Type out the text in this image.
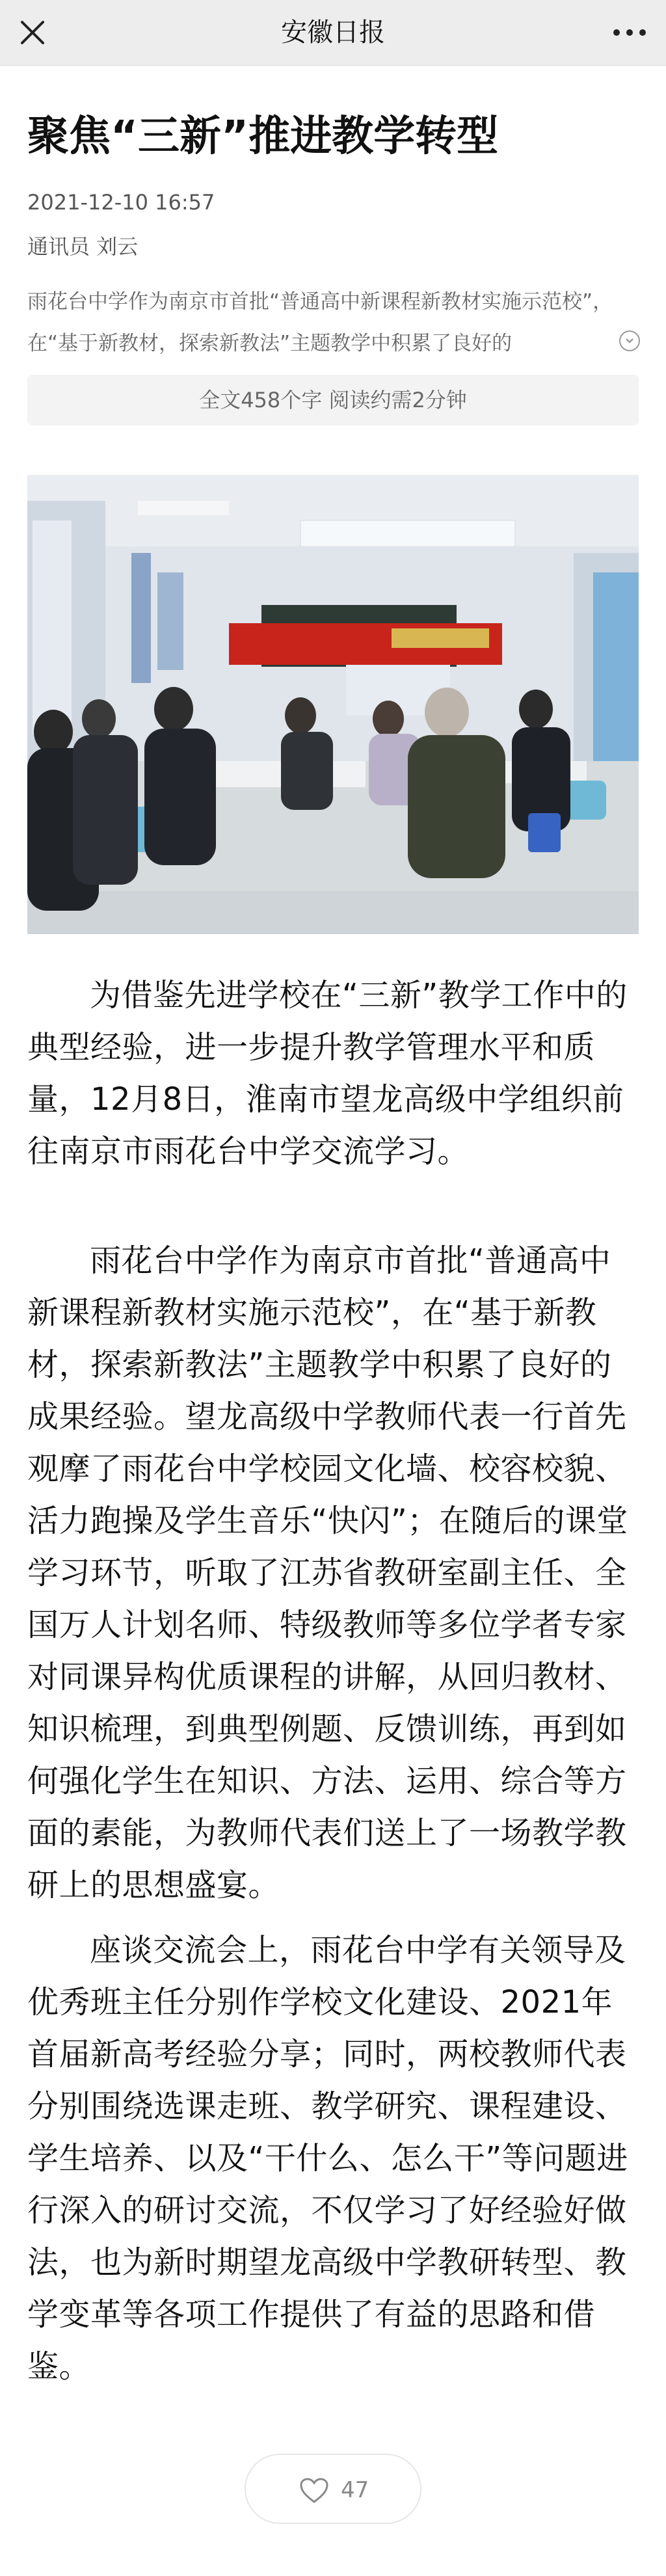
安徽日报
聚焦“三新”推进教学转型
2021-12-10 16:57
通讯员 刘云
雨花台中学作为南京市首批“普通高中新课程新教材实施示范校”，在“基于新教材，探索新教法”主题教学中积累了良好的
全文458个字 阅读约需2分钟
为借鉴先进学校在“三新”教学工作中的典型经验，进一步提升教学管理水平和质量，12月8日，淮南市望龙高级中学组织前往南京市雨花台中学交流学习。
雨花台中学作为南京市首批“普通高中新课程新教材实施示范校”，在“基于新教材，探索新教法”主题教学中积累了良好的成果经验。望龙高级中学教师代表一行首先观摩了雨花台中学校园文化墙、校容校貌、活力跑操及学生音乐“快闪”；在随后的课堂学习环节，听取了江苏省教研室副主任、全国万人计划名师、特级教师等多位学者专家对同课异构优质课程的讲解，从回归教材、知识梳理，到典型例题、反馈训练，再到如何强化学生在知识、方法、运用、综合等方面的素能，为教师代表们送上了一场教学教研上的思想盛宴。
座谈交流会上，雨花台中学有关领导及优秀班主任分别作学校文化建设、2021年首届新高考经验分享；同时，两校教师代表分别围绕选课走班、教学研究、课程建设、学生培养、以及“干什么、怎么干”等问题进行深入的研讨交流，不仅学习了好经验好做法，也为新时期望龙高级中学教研转型、教学变革等各项工作提供了有益的思路和借鉴。
47
